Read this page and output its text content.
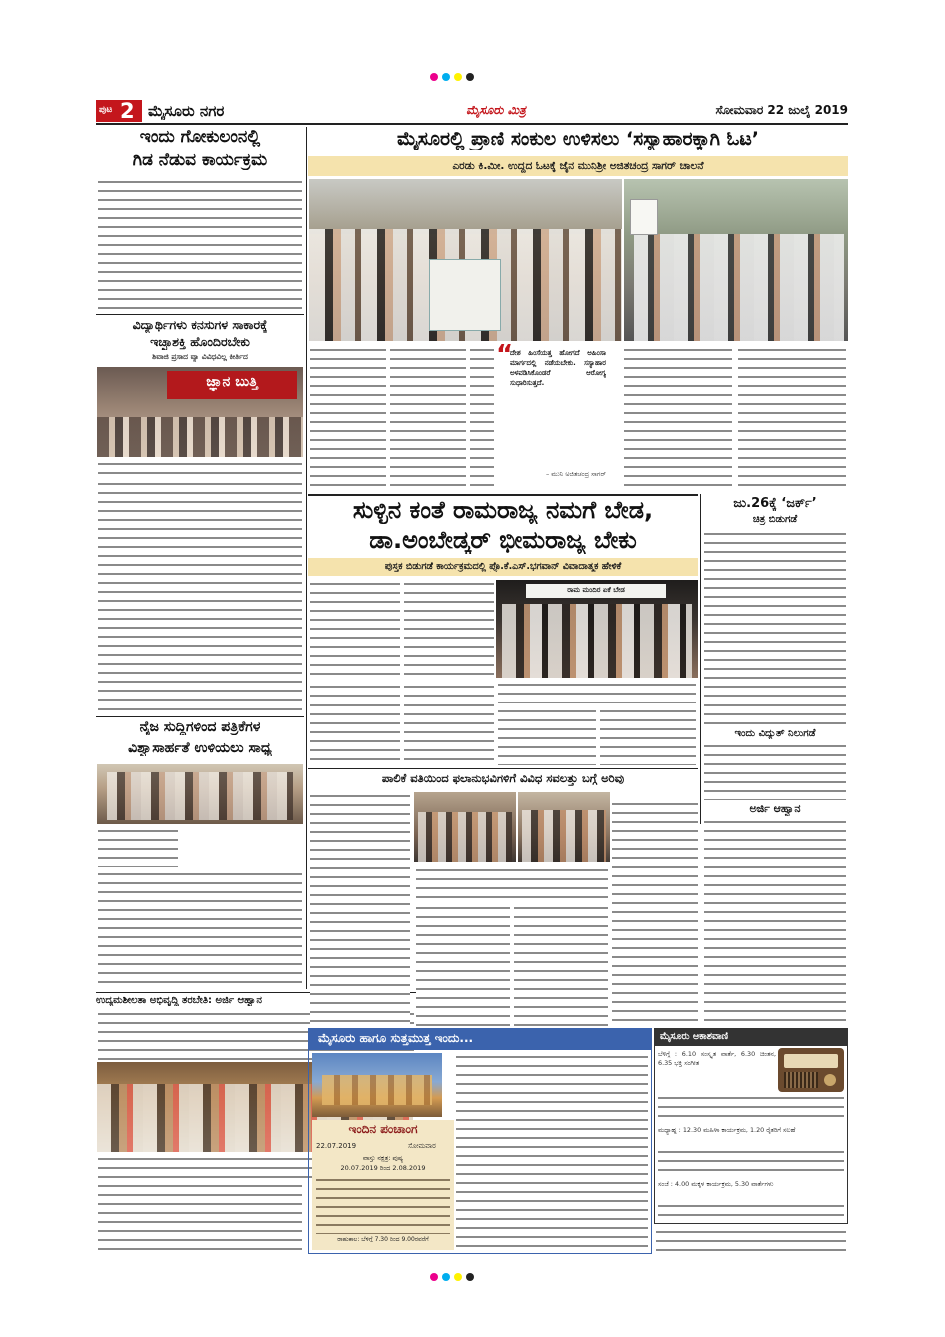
ಪುಟ 2 ಮೈಸೂರು ನಗರ	ಮೈಸೂರು ಮಿತ್ರ	ಸೋಮವಾರ 22 ಜುಲೈ 2019
ಇಂದು ಗೋಕುಲಂನಲ್ಲಿ
ಗಿಡ ನೆಡುವ ಕಾರ್ಯಕ್ರಮ
ವಿದ್ಯಾರ್ಥಿಗಳು ಕನಸುಗಳ ಸಾಕಾರಕ್ಕೆ
ಇಚ್ಛಾಶಕ್ತಿ ಹೊಂದಿರಬೇಕು
ಶಿವಾಜಿ ಪ್ರಸಾದ ವ್ಯಾ ವಿವಿಧವಿಲ್ಲ ಕೀರ್ತಿದ
ಜ್ಞಾನ ಬುತ್ತಿ
ನೈಜ ಸುದ್ದಿಗಳಿಂದ ಪತ್ರಿಕೆಗಳ
ವಿಶ್ವಾಸಾರ್ಹತೆ ಉಳಿಯಲು ಸಾಧ್ಯ
ಉದ್ಯಮಶೀಲತಾ ಅಭಿವೃದ್ಧಿ ತರಬೇತಿ: ಅರ್ಜಿ ಆಹ್ವಾನ
ಮೈಸೂರಲ್ಲಿ ಪ್ರಾಣಿ ಸಂಕುಲ ಉಳಿಸಲು ‘ಸಸ್ಯಾಹಾರಕ್ಕಾಗಿ ಓಟ’
ಎರಡು ಕಿ.ಮೀ. ಉದ್ದದ ಓಟಕ್ಕೆ ಜೈನ ಮುನಿಶ್ರೀ ಅಜಿತಚಂದ್ರ ಸಾಗರ್ ಚಾಲನೆ
“
ದೇಶ ಹಿಂಸೆಯತ್ತ ಹೋಗದೆ ಅಹಿಂಸಾ ಮಾರ್ಗದಲ್ಲಿ ನಡೆಯಬೇಕು. ಸಸ್ಯಾಹಾರ ಅಳವಡಿಸಿಕೊಂಡರೆ ಆರೋಗ್ಯ ಸುಧಾರಿಸುತ್ತದೆ.
– ಮುನಿ ಅಜಿತಚಂದ್ರ ಸಾಗರ್
ಸುಳ್ಳಿನ ಕಂತೆ ರಾಮರಾಜ್ಯ ನಮಗೆ ಬೇಡ,
ಡಾ.ಅಂಬೇಡ್ಕರ್ ಭೀಮರಾಜ್ಯ ಬೇಕು
ಪುಸ್ತಕ ಬಿಡುಗಡೆ ಕಾರ್ಯಕ್ರಮದಲ್ಲಿ ಪ್ರೊ.ಕೆ.ಎಸ್.ಭಗವಾನ್ ವಿವಾದಾತ್ಮಕ ಹೇಳಿಕೆ
ರಾಮ ಮಂದಿರ ಏಕೆ ಬೇಡ
ಜು.26ಕ್ಕೆ ‘ಜರ್ಕ್’
ಚಿತ್ರ ಬಿಡುಗಡೆ
ಇಂದು ವಿದ್ಯುತ್ ನಿಲುಗಡೆ
ಅರ್ಜಿ ಆಹ್ವಾನ
ಪಾಲಿಕೆ ವತಿಯಿಂದ ಫಲಾನುಭವಿಗಳಿಗೆ ವಿವಿಧ ಸವಲತ್ತು ಬಗ್ಗೆ ಅರಿವು
ಮೈಸೂರು ಹಾಗೂ ಸುತ್ತಮುತ್ತ ಇಂದು...
ಇಂದಿನ ಪಂಚಾಂಗ
22.07.2019	ಸೋಮವಾರ
ವಾಸ್ತು ನಕ್ಷತ್ರ: ಪುಷ್ಯ
20.07.2019 ರಿಂದ 2.08.2019
ರಾಹುಕಾಲ: ಬೆಳಿಗ್ಗೆ 7.30 ರಿಂದ 9.00ರವರೆಗೆ
ಮೈಸೂರು ಆಕಾಶವಾಣಿ
ಬೆಳಿಗ್ಗೆ : 6.10 ಸಂಸ್ಕೃತ ವಾರ್ತೆ, 6.30 ಚಿಂತನ, 6.35 ಭಕ್ತಿ ಸಂಗೀತ
ಮಧ್ಯಾಹ್ನ : 12.30 ಮಹಿಳಾ ಕಾರ್ಯಕ್ರಮ, 1.20 ರೈತರಿಗೆ ಸಲಹೆ
ಸಂಜೆ : 4.00 ಮಕ್ಕಳ ಕಾರ್ಯಕ್ರಮ, 5.30 ವಾರ್ತೆಗಳು
